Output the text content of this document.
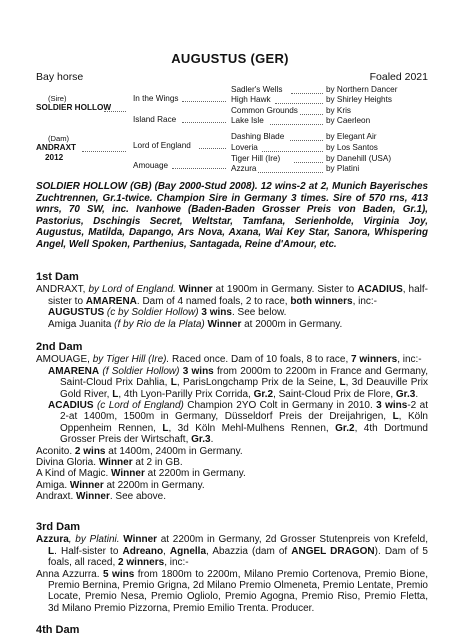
AUGUSTUS (GER)
Bay horse	Foaled 2021
(Sire)
SOLDIER HOLLOW
(Dam)
ANDRAXT
2012
In the Wings
Island Race
Lord of England
Amouage
Sadler's Wells
High Hawk
Common Grounds
Lake Isle
Dashing Blade
Loveria
Tiger Hill (Ire)
Azzura
by Northern Dancer
by Shirley Heights
by Kris
by Caerleon
by Elegant Air
by Los Santos
by Danehill (USA)
by Platini
SOLDIER HOLLOW (GB) (Bay 2000-Stud 2008). 12 wins-2 at 2, Munich Bayerisches Zuchtrennen, Gr.1-twice. Champion Sire in Germany 3 times. Sire of 570 rns, 413 wnrs, 70 SW, inc. Ivanhowe (Baden-Baden Grosser Preis von Baden, Gr.1), Pastorius, Dschingis Secret, Weltstar, Tamfana, Serienholde, Virginia Joy, Augustus, Matilda, Dapango, Ars Nova, Axana, Wai Key Star, Sanora, Whispering Angel, Well Spoken, Parthenius, Santagada, Reine d'Amour, etc.
1st Dam
ANDRAXT, by Lord of England. Winner at 1900m in Germany. Sister to ACADIUS, half-sister to AMARENA. Dam of 4 named foals, 2 to race, both winners, inc:-
AUGUSTUS (c by Soldier Hollow) 3 wins. See below.
Amiga Juanita (f by Rio de la Plata) Winner at 2000m in Germany.
2nd Dam
AMOUAGE, by Tiger Hill (Ire). Raced once. Dam of 10 foals, 8 to race, 7 winners, inc:-
AMARENA (f Soldier Hollow) 3 wins from 2000m to 2200m in France and Germany, Saint-Cloud Prix Dahlia, L, ParisLongchamp Prix de la Seine, L, 3d Deauville Prix Gold River, L, 4th Lyon-Parilly Prix Corrida, Gr.2, Saint-Cloud Prix de Flore, Gr.3.
ACADIUS (c Lord of England) Champion 2YO Colt in Germany in 2010. 3 wins-2 at 2-at 1400m, 1500m in Germany, Düsseldorf Preis der Dreijahrigen, L, Köln Oppenheim Rennen, L, 3d Köln Mehl-Mulhens Rennen, Gr.2, 4th Dortmund Grosser Preis der Wirtschaft, Gr.3.
Aconito. 2 wins at 1400m, 2400m in Germany.
Divina Gloria. Winner at 2 in GB.
A Kind of Magic. Winner at 2200m in Germany.
Amiga. Winner at 2200m in Germany.
Andraxt. Winner. See above.
3rd Dam
Azzura, by Platini. Winner at 2200m in Germany, 2d Grosser Stutenpreis von Krefeld, L. Half-sister to Adreano, Agnella, Abazzia (dam of ANGEL DRAGON). Dam of 5 foals, all raced, 2 winners, inc:-
Anna Azzurra. 5 wins from 1800m to 2200m, Milano Premio Cortenova, Premio Bione, Premio Bernina, Premio Grigna, 2d Milano Premio Olmeneta, Premio Lentate, Premio Locate, Premio Nesa, Premio Ogliolo, Premio Agogna, Premio Riso, Premio Fletta, 3d Milano Premio Pizzorna, Premio Emilio Trenta. Producer.
4th Dam
